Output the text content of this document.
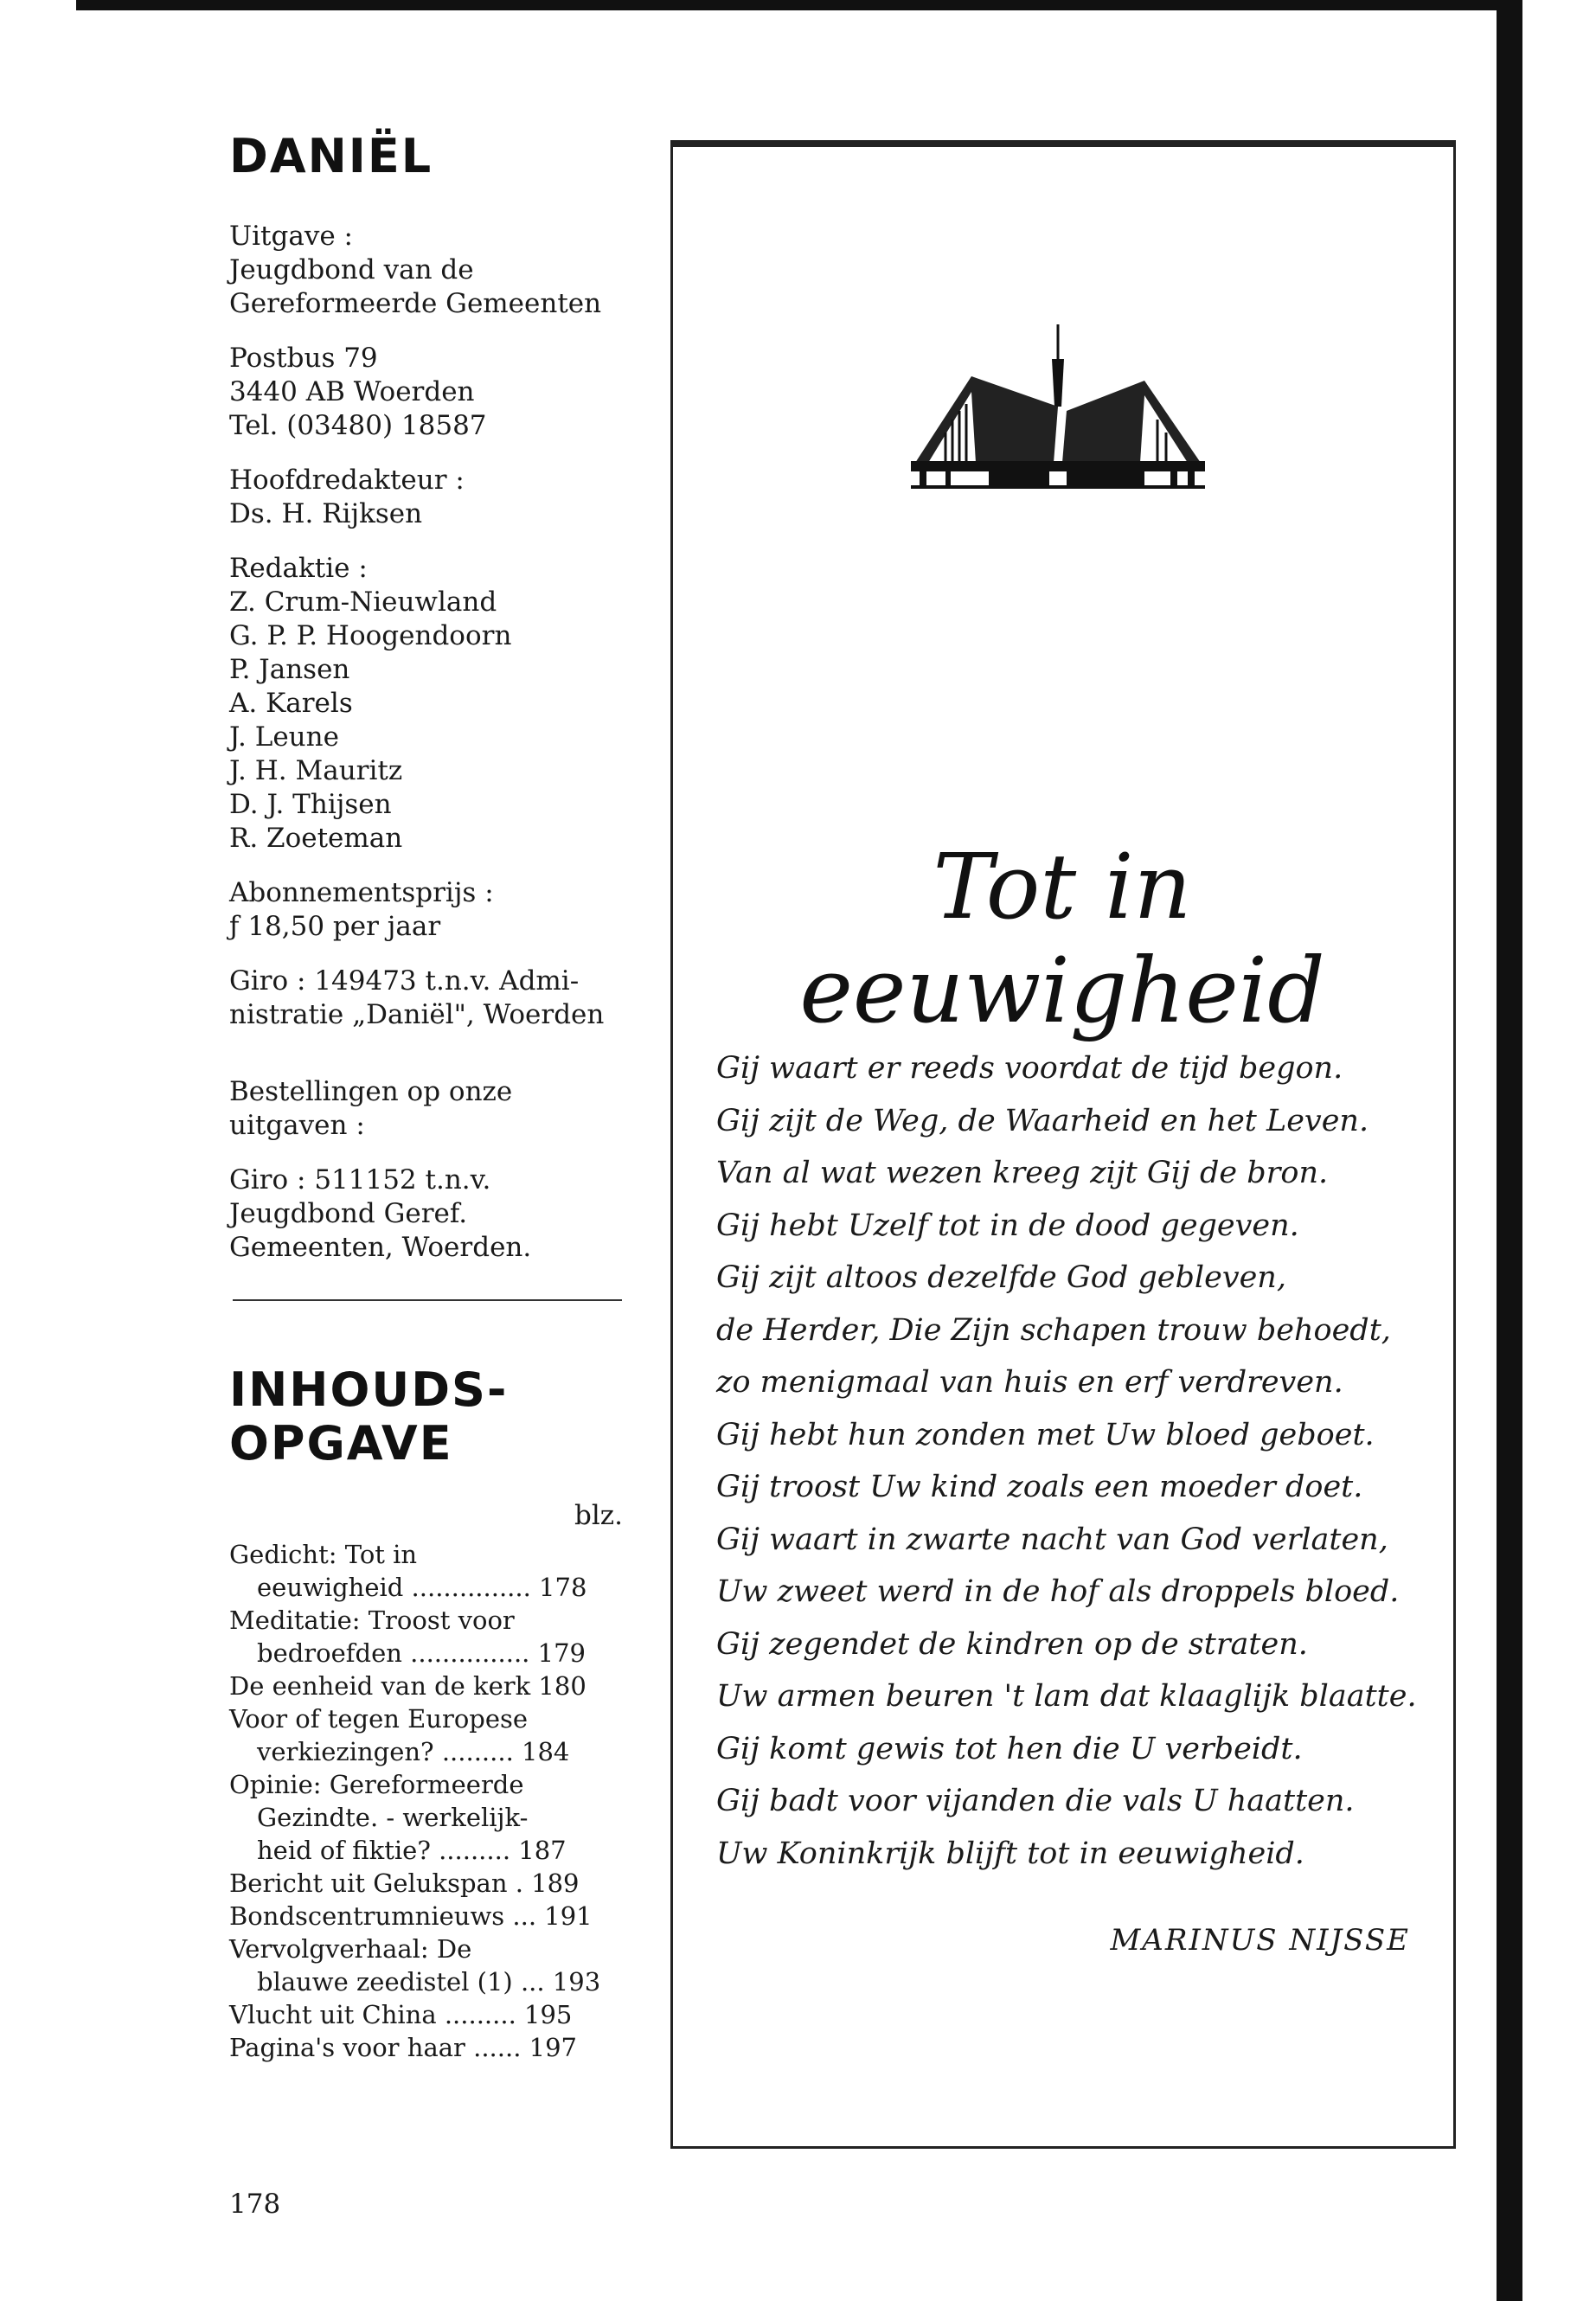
DANIËL
Uitgave :
Jeugdbond van de
Gereformeerde Gemeenten
Postbus 79
3440 AB Woerden
Tel. (03480) 18587
Hoofdredakteur :
Ds. H. Rijksen
Redaktie :
Z. Crum-Nieuwland
G. P. P. Hoogendoorn
P. Jansen
A. Karels
J. Leune
J. H. Mauritz
D. J. Thijsen
R. Zoeteman
Abonnementsprijs :
ƒ 18,50 per jaar
Giro : 149473 t.n.v. Admi-
nistratie „Daniël", Woerden
Bestellingen op onze
uitgaven :
Giro : 511152 t.n.v.
Jeugdbond Geref.
Gemeenten, Woerden.
INHOUDS-
OPGAVE
blz.
Gedicht: Tot in
eeuwigheid ............... 178
Meditatie: Troost voor
bedroefden ............... 179
De eenheid van de kerk 180
Voor of tegen Europese
verkiezingen? ......... 184
Opinie: Gereformeerde
Gezindte. - werkelijk-
heid of fiktie? ......... 187
Bericht uit Geluk​span . 189
Bondscentrumnieuws ... 191
Vervolgverhaal: De
blauwe zeedistel (1) ... 193
Vlucht uit China ......... 195
Pagina's voor haar ...... 197
178
Tot in eeuwigheid
Gij waart er reeds voordat de tijd begon.
Gij zijt de Weg, de Waarheid en het Leven.
Van al wat wezen kreeg zijt Gij de bron.
Gij hebt Uzelf tot in de dood gegeven.
Gij zijt altoos dezelfde God gebleven,
de Herder, Die Zijn schapen trouw behoedt,
zo menigmaal van huis en erf verdreven.
Gij hebt hun zonden met Uw bloed geboet.
Gij troost Uw kind zoals een moeder doet.
Gij waart in zwarte nacht van God verlaten,
Uw zweet werd in de hof als droppels bloed.
Gij zegendet de kindren op de straten.
Uw armen beuren 't lam dat klaaglijk blaatte.
Gij komt gewis tot hen die U verbeidt.
Gij badt voor vijanden die vals U haatten.
Uw Koninkrijk blijft tot in eeuwigheid.
MARINUS NIJSSE
